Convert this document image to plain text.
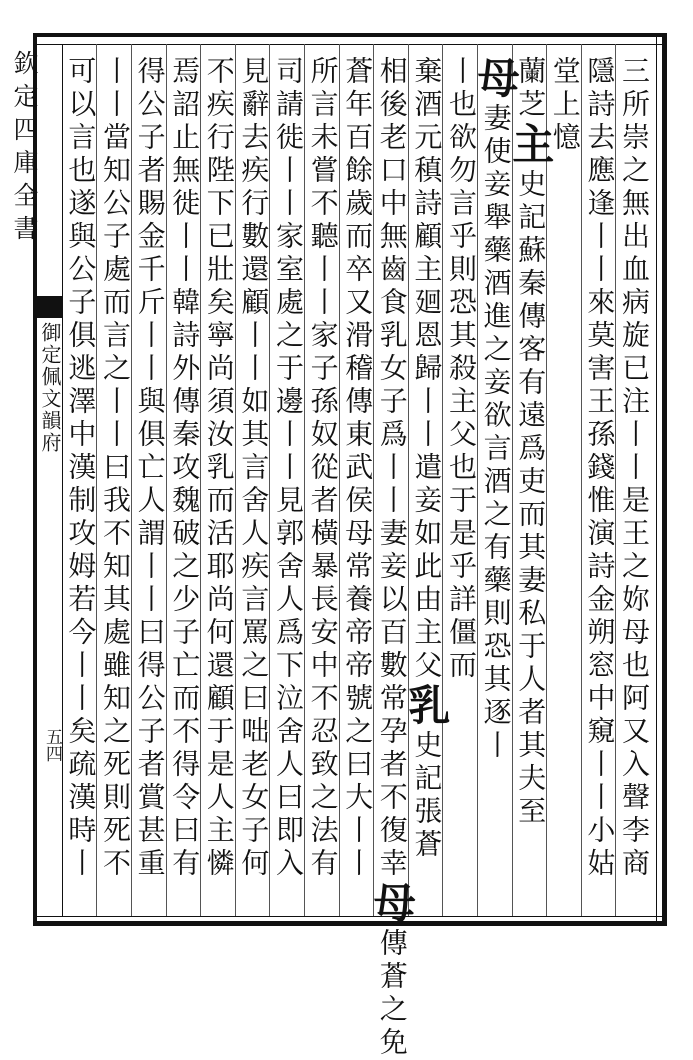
欽定四庫全書
御定佩文韻府
五四	三所崇之無出血病旋已注丨丨是王之妳母也阿又入聲李商
隱詩去應逢丨丨來莫害王孫錢惟演詩金朔窓中窺丨丨小姑
堂上憶
蘭芝主史記蘇秦傳客有遠爲吏而其妻私于人者其夫至
母妻使妾舉藥酒進之妾欲言酒之有藥則恐其逐丨
丨也欲勿言乎則恐其殺主父也于是乎詳僵而
棄酒元稹詩顧主廻恩歸丨丨遣妾如此由主父乳史記張蒼
相後老口中無齒食乳女子爲丨丨妻妾以百數常孕者不復幸母傳蒼之免
蒼年百餘歲而卒又滑稽傳東武侯母常養帝帝號之曰大丨丨
所言未嘗不聽丨丨家子孫奴從者橫暴長安中不忍致之法有
司請徙丨丨家室處之于邊丨丨見郭舍人爲下泣舍人曰即入
見辭去疾行數還顧丨丨如其言舍人疾言罵之曰咄老女子何
不疾行陛下已壯矣寧尚須汝乳而活耶尚何還顧于是人主憐
焉詔止無徙丨丨韓詩外傳秦攻魏破之少子亡而不得令曰有
得公子者賜金千斤丨丨與俱亡人謂丨丨曰得公子者賞甚重
丨丨當知公子處而言之丨丨曰我不知其處雖知之死則死不
可以言也遂與公子俱逃澤中漢制攻姆若今丨丨矣疏漢時丨
